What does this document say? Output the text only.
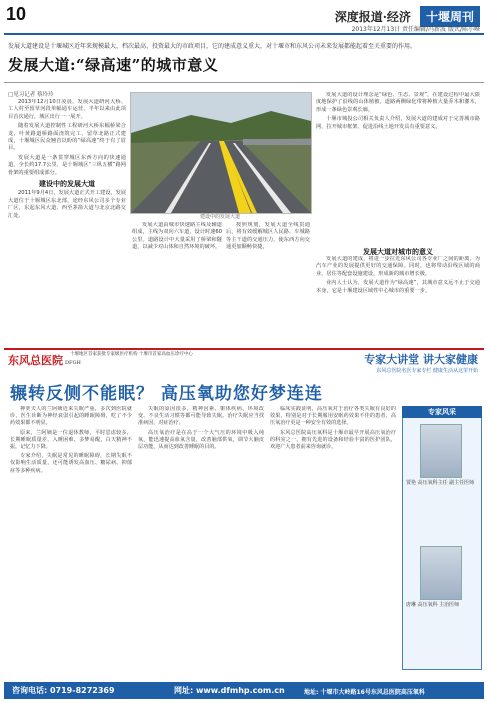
10	深度报道·经济 十堰周刊
2013年12月13日 责任编辑/冯新波 版式/陈小峰
发展大道建设是十堰城区近年来规模最大、档次最高、投资最大的市政项目，它的建成意义重大，对十堰市和东风公司未来发展都能起着至关重要的作用。
发展大道:“绿高速”的城市意义
□见习记者 蔡玲玲

2013年12月10日凌晨，发展大道研河大桥、工人村至留草河段单幅通车运营，半年以来由此项目首次通行，城区出行一一展开。

随着发展大道控制性工程研河大桥东幅桥梁合龙，叶黄路道桥路面浇筑完工、留草北路正式建成，十堰城区民众翘首以盼的“绿高速”终于有了眉目。

发展大道是一条贯穿城区东西方向的快速通道，全长约17.7公里，是十堰城区“三纵五横”路网骨架的重要组成部分。

建设中的发展大道

2011年9月4日，发展大道正式开工建设。发展大道位于十堰城区东北部，途经东风公司多个专业厂区，东起东风大道、西至茅箭大道与北京北路交汇处。	建设中的发展大道

发展大道由城市快速路主线及辅道组成，主线为双向六车道，设计时速60公里。道路设计中大量采用了桥梁和隧道，以减少对山体和自然环境的破坏。

按照规划，发展大道全线贯通后，将有效缓解城区人民路、车城路等主干道的交通压力，使东西方向交通更加顺畅快捷。

发展大道的设计理念是“绿色、生态、景观”，在建设过程中最大限度地保护了沿线的山体植被，道路两侧绿化带将种植大量乔木和灌木，形成一条绿色景观长廊。

十堰市城投公司相关负责人介绍，发展大道的建成对于完善城市路网、拉开城市框架、促进沿线土地开发具有重要意义。

发展大道对城市的意义

发展大道的建成，将进一步拉近东风公司各专业厂之间的距离，为汽车产业的发展提供更好的交通保障。同时，也将带动沿线区域的商业、居住等配套设施建设，形成新的城市增长极。

业内人士认为，发展大道作为“绿高速”，其城市意义远不止于交通本身，它是十堰建设区域性中心城市的重要一步。

东风总医院 DFGH
十堰地区首家获批专家级医疗机构 十堰市首家高血压诊疗中心	专家大讲堂 讲大家健康
东风总医院名医专家专栏 健康生活从这里开始
辗转反侧不能眠？ 高压氧助您好梦连连

神奕夫人的兰阿姨近来失眠严重，多次到医院就诊，医生诊断为神经衰弱引起的睡眠障碍，吃了不少药效果都不明显。

原来，兰阿姨是一位退休教师，平时思虑较多，长期睡眠质量差，入睡困难、多梦易醒，白天精神不振，记忆力下降。

专家介绍，失眠是常见的睡眠障碍，长期失眠不仅影响生活质量，还可能诱发高血压、糖尿病、抑郁症等多种疾病。

失眠的原因很多，精神因素、躯体疾病、环境改变、不良生活习惯等都可能导致失眠。治疗失眠应当找准病因，对症治疗。

高压氧治疗是在高于一个大气压的环境中吸入纯氧，能迅速提高血氧含量，改善脑部供氧，调节大脑皮层功能，从而达到改善睡眠的目的。

临床实践证明，高压氧对于治疗各类失眠有良好的效果，特别是对于长期服用安眠药效果不佳的患者，高压氧治疗更是一种安全有效的选择。

东风总医院高压氧科是十堰市最早开展高压氧治疗的科室之一，拥有先进的设备和经验丰富的医护团队，欢迎广大患者前来咨询就诊。

专家风采
贾艳 高压氧科主任 副主任医师
唐琳 高压氧科 主治医师
咨询电话: 0719-8272369	网址: www.dfmhp.com.cn	地址: 十堰市大岭路16号东风总医院高压氧科
